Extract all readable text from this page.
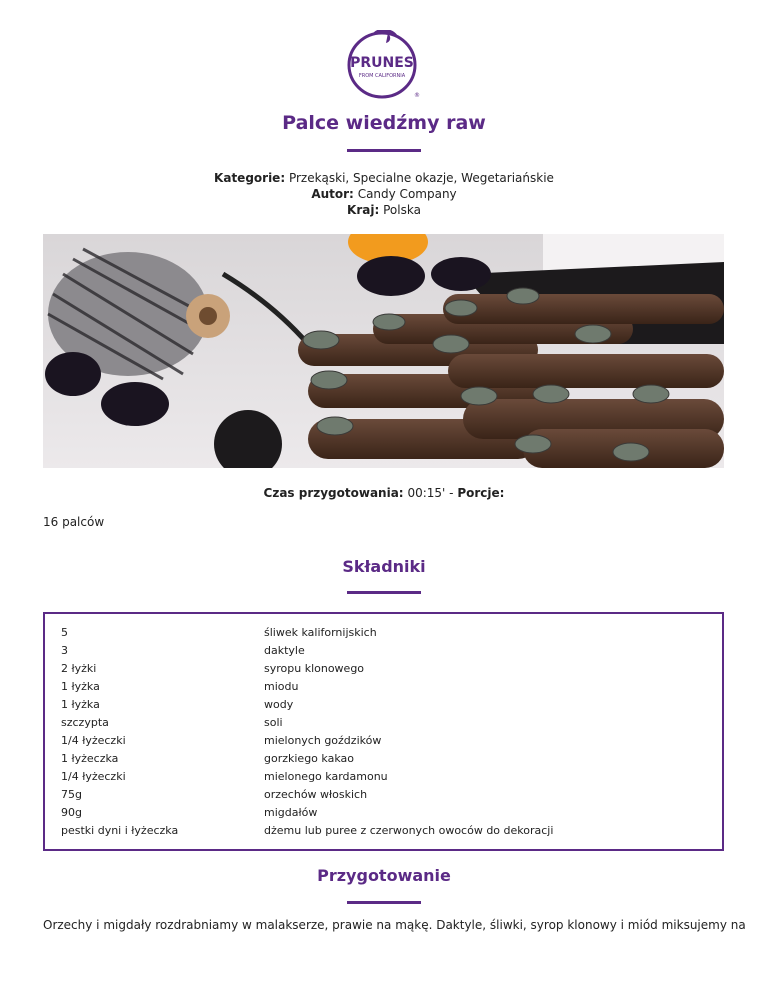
PRUNES
FROM CALIFORNIA
®
Palce wiedźmy raw
Kategorie: Przekąski, Specialne okazje, Wegetariańskie
Autor: Candy Company
Kraj: Polska
Czas przygotowania: 00:15' - Porcje:
16 palców
Składniki
5	śliwek kalifornijskich
3	daktyle
2 łyżki	syropu klonowego
1 łyżka	miodu
1 łyżka	wody
szczypta	soli
1/4 łyżeczki	mielonych goździków
1 łyżeczka	gorzkiego kakao
1/4 łyżeczki	mielonego kardamonu
75g	orzechów włoskich
90g	migdałów
pestki dyni i łyżeczka	dżemu lub puree z czerwonych owoców do dekoracji
Przygotowanie

Orzechy i migdały rozdrabniamy w malakserze, prawie na mąkę. Daktyle, śliwki, syrop klonowy i miód miksujemy na
